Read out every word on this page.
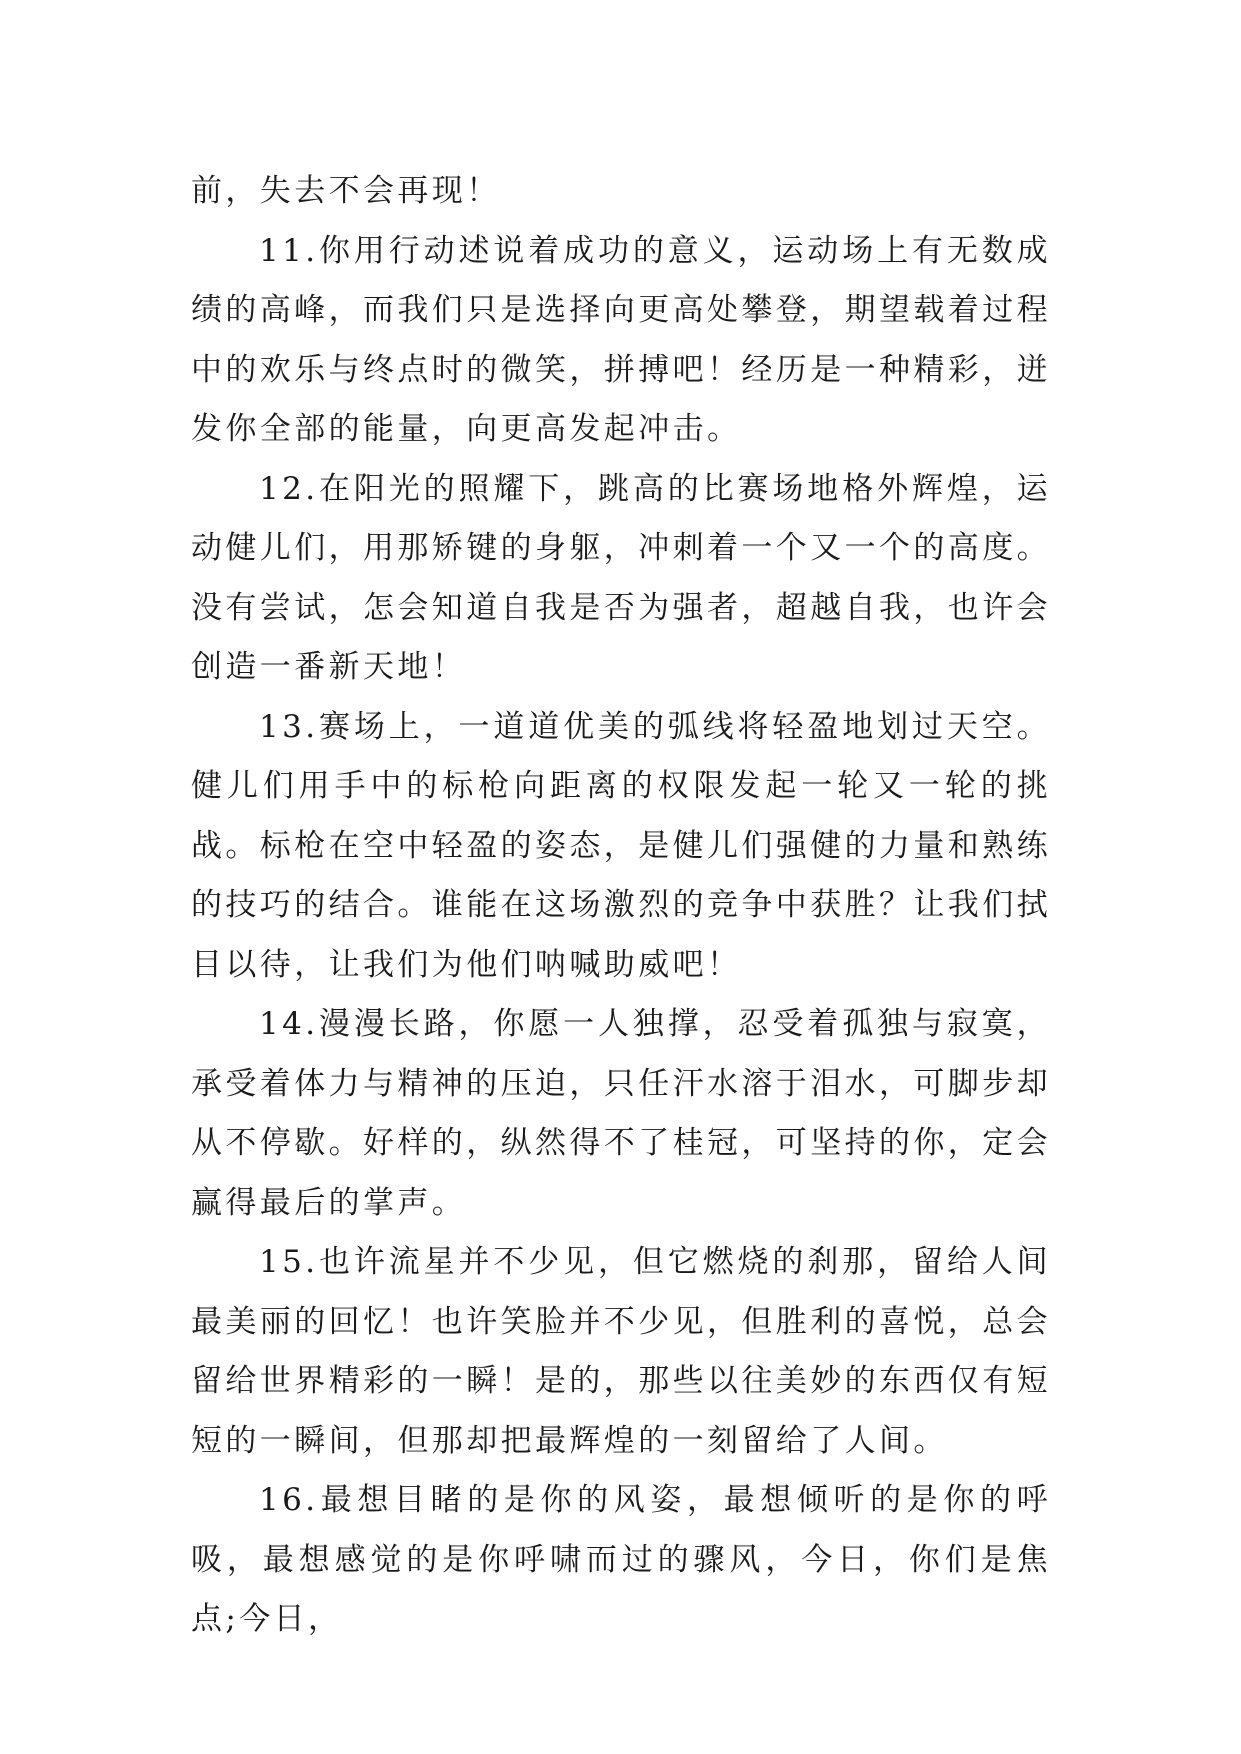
前，失去不会再现！

11.你用行动述说着成功的意义，运动场上有无数成绩的高峰，而我们只是选择向更高处攀登，期望载着过程中的欢乐与终点时的微笑，拼搏吧！经历是一种精彩，迸发你全部的能量，向更高发起冲击。

12.在阳光的照耀下，跳高的比赛场地格外辉煌，运动健儿们，用那矫键的身躯，冲刺着一个又一个的高度。没有尝试，怎会知道自我是否为强者，超越自我，也许会创造一番新天地！

13.赛场上，一道道优美的弧线将轻盈地划过天空。健儿们用手中的标枪向距离的权限发起一轮又一轮的挑战。标枪在空中轻盈的姿态，是健儿们强健的力量和熟练的技巧的结合。谁能在这场激烈的竞争中获胜？让我们拭目以待，让我们为他们呐喊助威吧！

14.漫漫长路，你愿一人独撑，忍受着孤独与寂寞，承受着体力与精神的压迫，只任汗水溶于泪水，可脚步却从不停歇。好样的，纵然得不了桂冠，可坚持的你，定会赢得最后的掌声。

15.也许流星并不少见，但它燃烧的刹那，留给人间最美丽的回忆！也许笑脸并不少见，但胜利的喜悦，总会留给世界精彩的一瞬！是的，那些以往美妙的东西仅有短短的一瞬间，但那却把最辉煌的一刻留给了人间。

16.最想目睹的是你的风姿，最想倾听的是你的呼吸，最想感觉的是你呼啸而过的骤风，今日，你们是焦点;今日，
